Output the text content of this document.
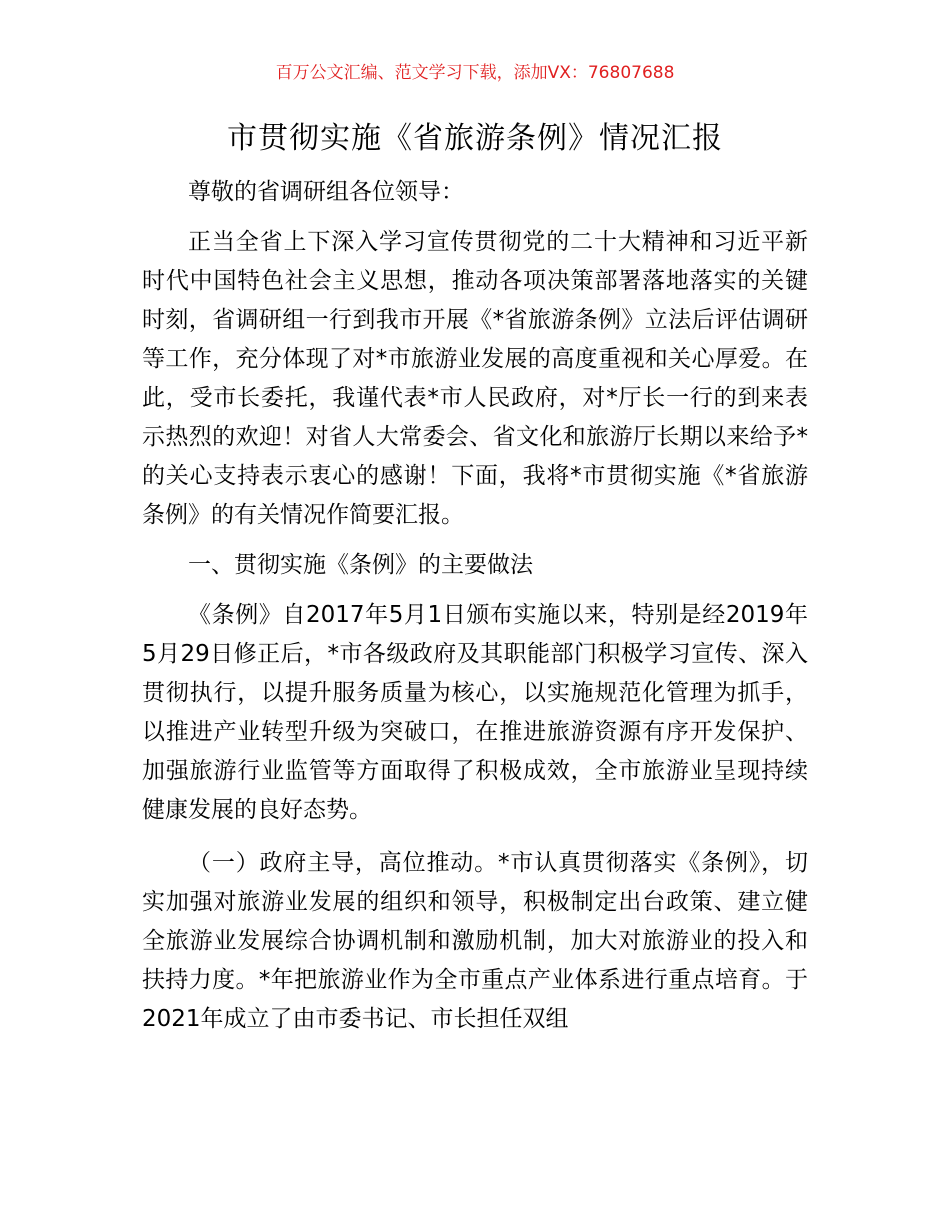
百万公文汇编、范文学习下载，添加VX：76807688
市贯彻实施《省旅游条例》情况汇报

尊敬的省调研组各位领导：

正当全省上下深入学习宣传贯彻党的二十大精神和习近平新时代中国特色社会主义思想，推动各项决策部署落地落实的关键时刻，省调研组一行到我市开展《*省旅游条例》立法后评估调研等工作，充分体现了对*市旅游业发展的高度重视和关心厚爱。在此，受市长委托，我谨代表*市人民政府，对*厅长一行的到来表示热烈的欢迎！对省人大常委会、省文化和旅游厅长期以来给予*的关心支持表示衷心的感谢！下面，我将*市贯彻实施《*省旅游条例》的有关情况作简要汇报。

一、贯彻实施《条例》的主要做法

《条例》自2017年5月1日颁布实施以来，特别是经2019年5月29日修正后，*市各级政府及其职能部门积极学习宣传、深入贯彻执行，以提升服务质量为核心，以实施规范化管理为抓手，以推进产业转型升级为突破口，在推进旅游资源有序开发保护、加强旅游行业监管等方面取得了积极成效，全市旅游业呈现持续健康发展的良好态势。

（一）政府主导，高位推动。*市认真贯彻落实《条例》，切实加强对旅游业发展的组织和领导，积极制定出台政策、建立健全旅游业发展综合协调机制和激励机制，加大对旅游业的投入和扶持力度。*年把旅游业作为全市重点产业体系进行重点培育。于2021年成立了由市委书记、市长担任双组
